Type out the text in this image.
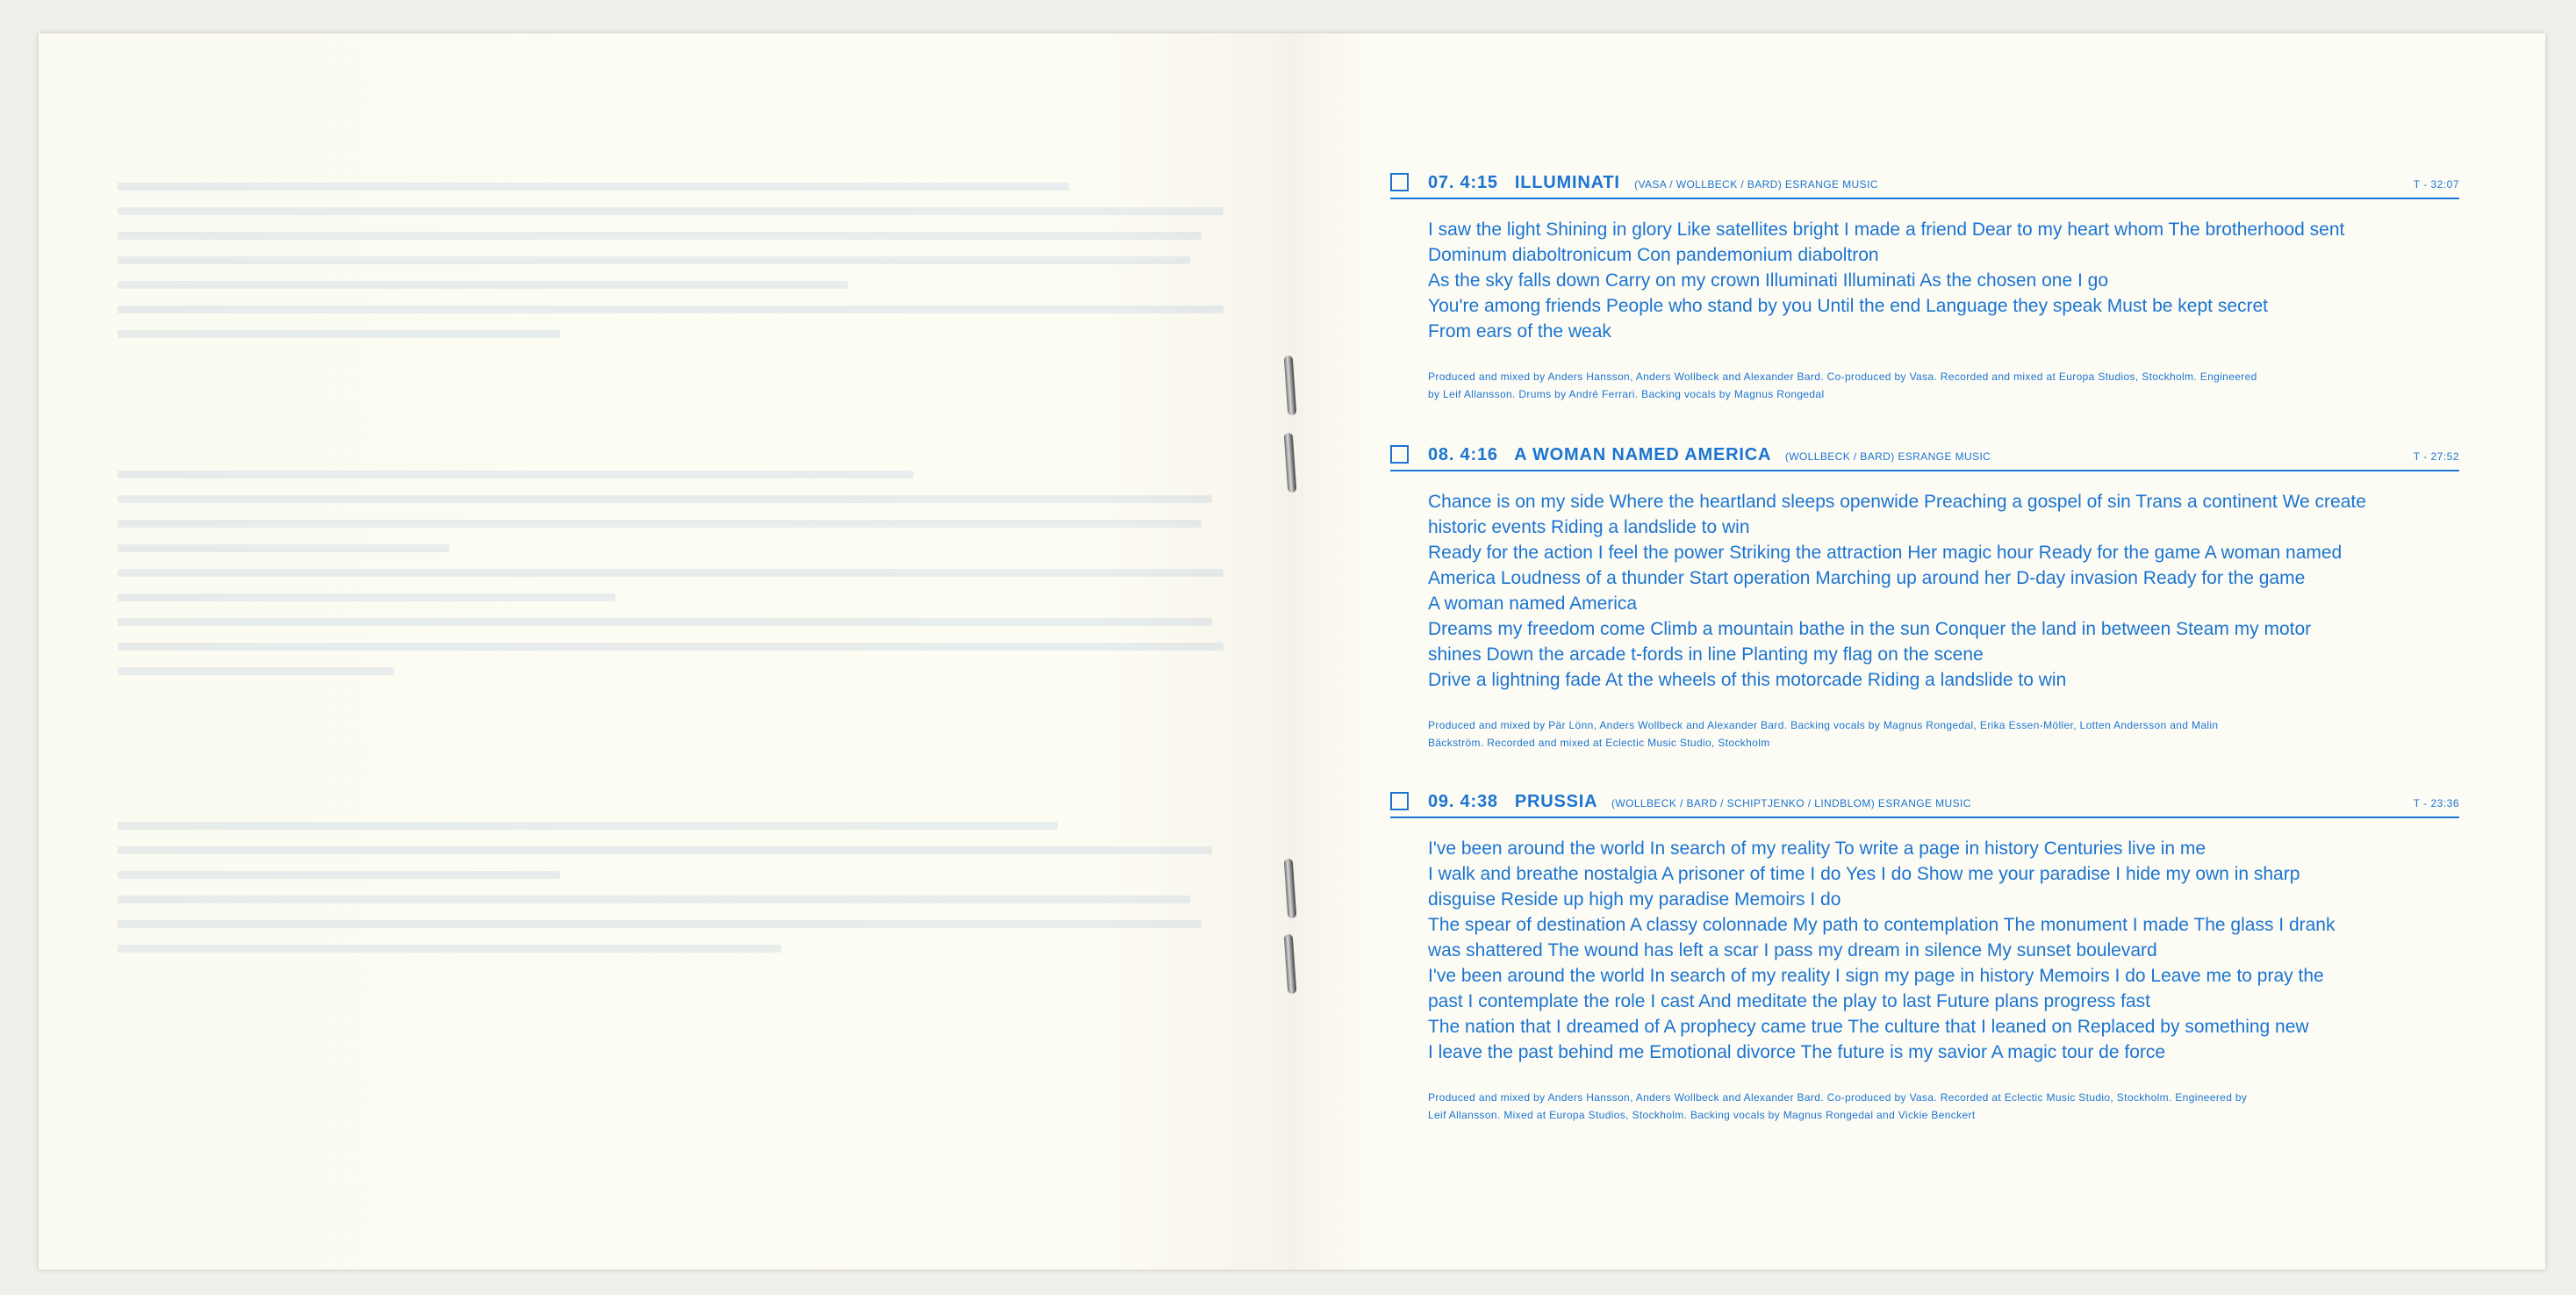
07. 4:15 ILLUMINATI (VASA / WOLLBECK / BARD) ESRANGE MUSIC	T - 32:07

I saw the light Shining in glory Like satellites bright I made a friend Dear to my heart whom The brotherhood sent

Dominum diaboltronicum Con pandemonium diaboltron

As the sky falls down Carry on my crown Illuminati Illuminati As the chosen one I go

You're among friends People who stand by you Until the end Language they speak Must be kept secret

From ears of the weak

Produced and mixed by Anders Hansson, Anders Wollbeck and Alexander Bard. Co-produced by Vasa. Recorded and mixed at Europa Studios, Stockholm. Engineered
by Leif Allansson. Drums by André Ferrari. Backing vocals by Magnus Rongedal
08. 4:16 A WOMAN NAMED AMERICA (WOLLBECK / BARD) ESRANGE MUSIC	T - 27:52

Chance is on my side Where the heartland sleeps openwide Preaching a gospel of sin Trans a continent We create

historic events Riding a landslide to win

Ready for the action I feel the power Striking the attraction Her magic hour Ready for the game A woman named

America Loudness of a thunder Start operation Marching up around her D-day invasion Ready for the game

A woman named America

Dreams my freedom come Climb a mountain bathe in the sun Conquer the land in between Steam my motor

shines Down the arcade t-fords in line Planting my flag on the scene

Drive a lightning fade At the wheels of this motorcade Riding a landslide to win

Produced and mixed by Pär Lönn, Anders Wollbeck and Alexander Bard. Backing vocals by Magnus Rongedal, Erika Essen-Möller, Lotten Andersson and Malin
Bäckström. Recorded and mixed at Eclectic Music Studio, Stockholm
09. 4:38 PRUSSIA (WOLLBECK / BARD / SCHIPTJENKO / LINDBLOM) ESRANGE MUSIC	T - 23:36

I've been around the world In search of my reality To write a page in history Centuries live in me

I walk and breathe nostalgia A prisoner of time I do Yes I do Show me your paradise I hide my own in sharp

disguise Reside up high my paradise Memoirs I do

The spear of destination A classy colonnade My path to contemplation The monument I made The glass I drank

was shattered The wound has left a scar I pass my dream in silence My sunset boulevard

I've been around the world In search of my reality I sign my page in history Memoirs I do Leave me to pray the

past I contemplate the role I cast And meditate the play to last Future plans progress fast

The nation that I dreamed of A prophecy came true The culture that I leaned on Replaced by something new

I leave the past behind me Emotional divorce The future is my savior A magic tour de force

Produced and mixed by Anders Hansson, Anders Wollbeck and Alexander Bard. Co-produced by Vasa. Recorded at Eclectic Music Studio, Stockholm. Engineered by
Leif Allansson. Mixed at Europa Studios, Stockholm. Backing vocals by Magnus Rongedal and Vickie Benckert
